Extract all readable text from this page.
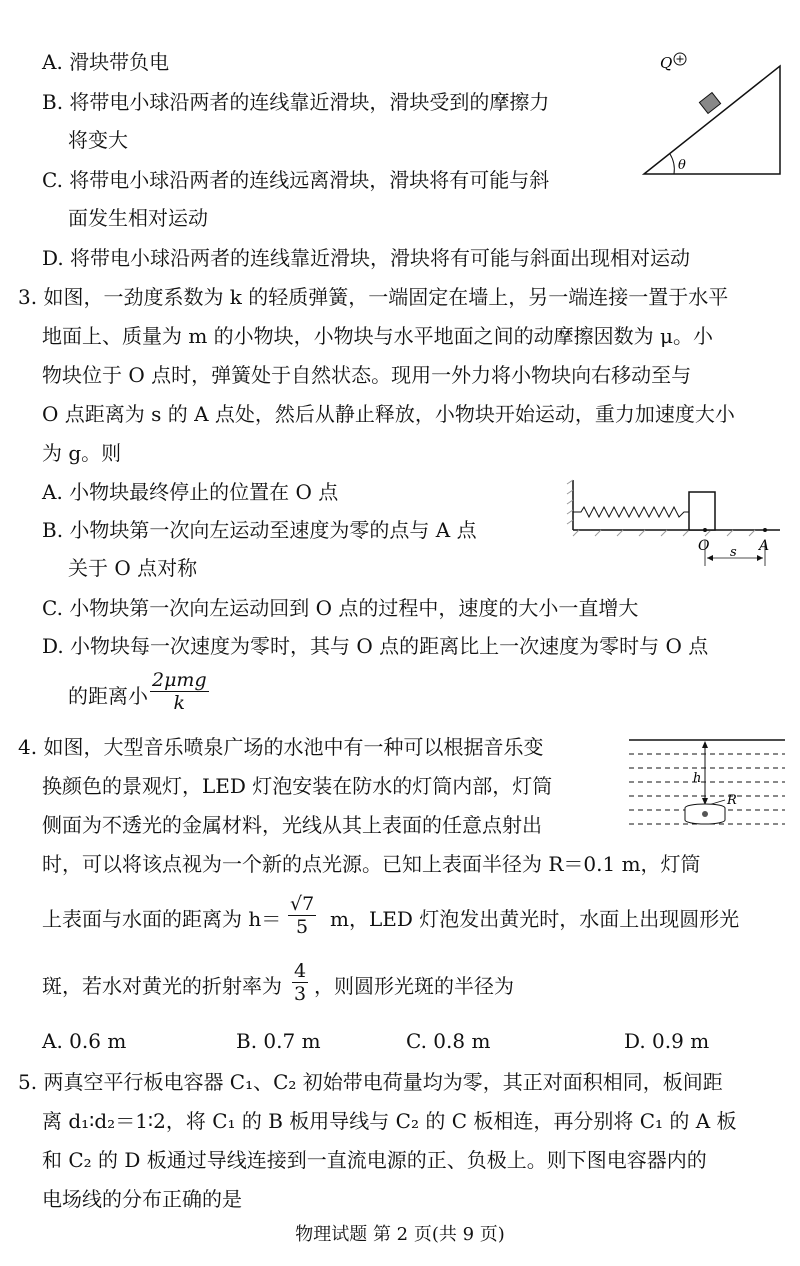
A. 滑块带负电
B. 将带电小球沿两者的连线靠近滑块，滑块受到的摩擦力
将变大
C. 将带电小球沿两者的连线远离滑块，滑块将有可能与斜
面发生相对运动
D. 将带电小球沿两者的连线靠近滑块，滑块将有可能与斜面出现相对运动
θ
Q
3. 如图，一劲度系数为 k 的轻质弹簧，一端固定在墙上，另一端连接一置于水平
地面上、质量为 m 的小物块，小物块与水平地面之间的动摩擦因数为 μ。小
物块位于 O 点时，弹簧处于自然状态。现用一外力将小物块向右移动至与
O 点距离为 s 的 A 点处，然后从静止释放，小物块开始运动，重力加速度大小
为 g。则
A. 小物块最终停止的位置在 O 点
B. 小物块第一次向左运动至速度为零的点与 A 点
关于 O 点对称
C. 小物块第一次向左运动回到 O 点的过程中，速度的大小一直增大
D. 小物块每一次速度为零时，其与 O 点的距离比上一次速度为零时与 O 点
的距离小
2μmg
k
O	A
s
4. 如图，大型音乐喷泉广场的水池中有一种可以根据音乐变
换颜色的景观灯，LED 灯泡安装在防水的灯筒内部，灯筒
侧面为不透光的金属材料，光线从其上表面的任意点射出
时，可以将该点视为一个新的点光源。已知上表面半径为 R＝0.1 m，灯筒
上表面与水面的距离为 $h= \frac{√7}{5}$ m，LED 灯泡发出黄光时，水面上出现圆形光
斑，若水对黄光的折射率为 $\frac{4}{3}$ ，则圆形光斑的半径为
A. 0.6 m	B. 0.7 m	C. 0.8 m	D. 0.9 m
h
R
5. 两真空平行板电容器 C₁、C₂ 初始带电荷量均为零，其正对面积相同，板间距
离 d₁∶d₂＝1∶2，将 C₁ 的 B 板用导线与 C₂ 的 C 板相连，再分别将 C₁ 的 A 板
和 C₂ 的 D 板通过导线连接到一直流电源的正、负极上。则下图电容器内的
电场线的分布正确的是
物理试题 第 2 页(共 9 页)
